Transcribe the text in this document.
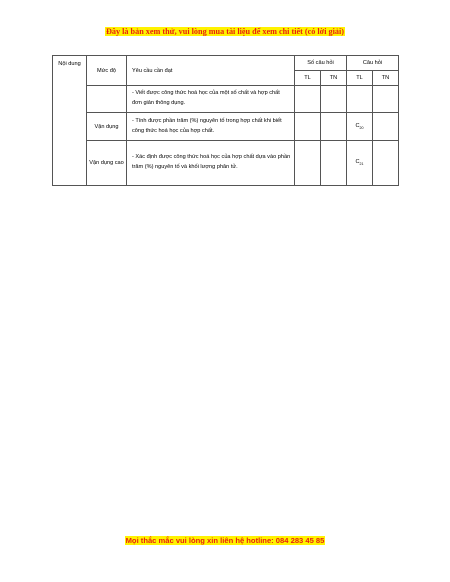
Đây là bản xem thử, vui lòng mua tài liệu để xem chi tiết (có lời giải)
Nội dung	Mức độ	Yêu cầu cần đạt	Số câu hỏi		Câu hỏi	
			TL	TN	TL	TN
		- Viết được công thức hoá học của một số chất và hợp chất đơn giản thông dụng.				
	Vận dụng	- Tính được phần trăm (%) nguyên tố trong hợp chất khi biết công thức hoá học của hợp chất.			$C_{20}$	
	Vận dụng cao	- Xác định được công thức hoá học của hợp chất dựa vào phần trăm (%) nguyên tố và khối lượng phân tử.			$C_{21}$	
Mọi thắc mắc vui lòng xin liên hệ hotline: 084 283 45 85
